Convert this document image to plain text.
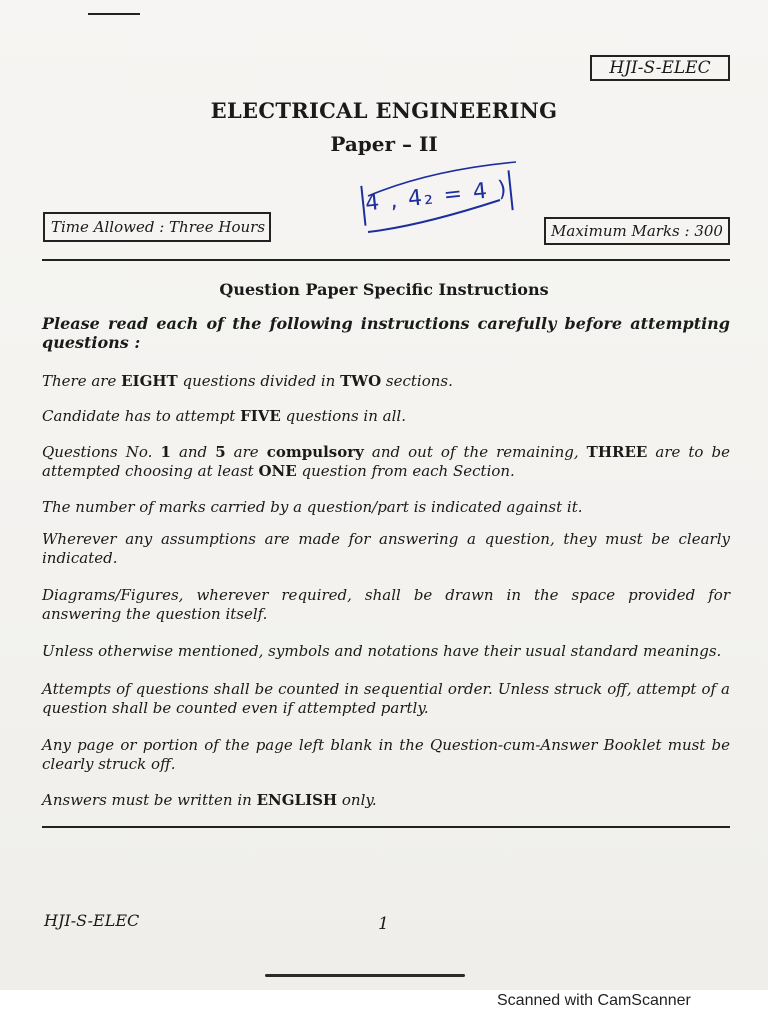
HJI-S-ELEC
ELECTRICAL ENGINEERING
Paper – II
4 , 4₂ = 4 )
Time Allowed : Three Hours	Maximum Marks : 300
Question Paper Specific Instructions
Please read each of the following instructions carefully before attempting questions :
There are EIGHT questions divided in TWO sections.
Candidate has to attempt FIVE questions in all.
Questions No. 1 and 5 are compulsory and out of the remaining, THREE are to be attempted choosing at least ONE question from each Section.
The number of marks carried by a question/part is indicated against it.
Wherever any assumptions are made for answering a question, they must be clearly indicated.
Diagrams/Figures, wherever required, shall be drawn in the space provided for answering the question itself.
Unless otherwise mentioned, symbols and notations have their usual standard meanings.
Attempts of questions shall be counted in sequential order. Unless struck off, attempt of a question shall be counted even if attempted partly.
Any page or portion of the page left blank in the Question-cum-Answer Booklet must be clearly struck off.
Answers must be written in ENGLISH only.
HJI-S-ELEC	1
Scanned with CamScanner
